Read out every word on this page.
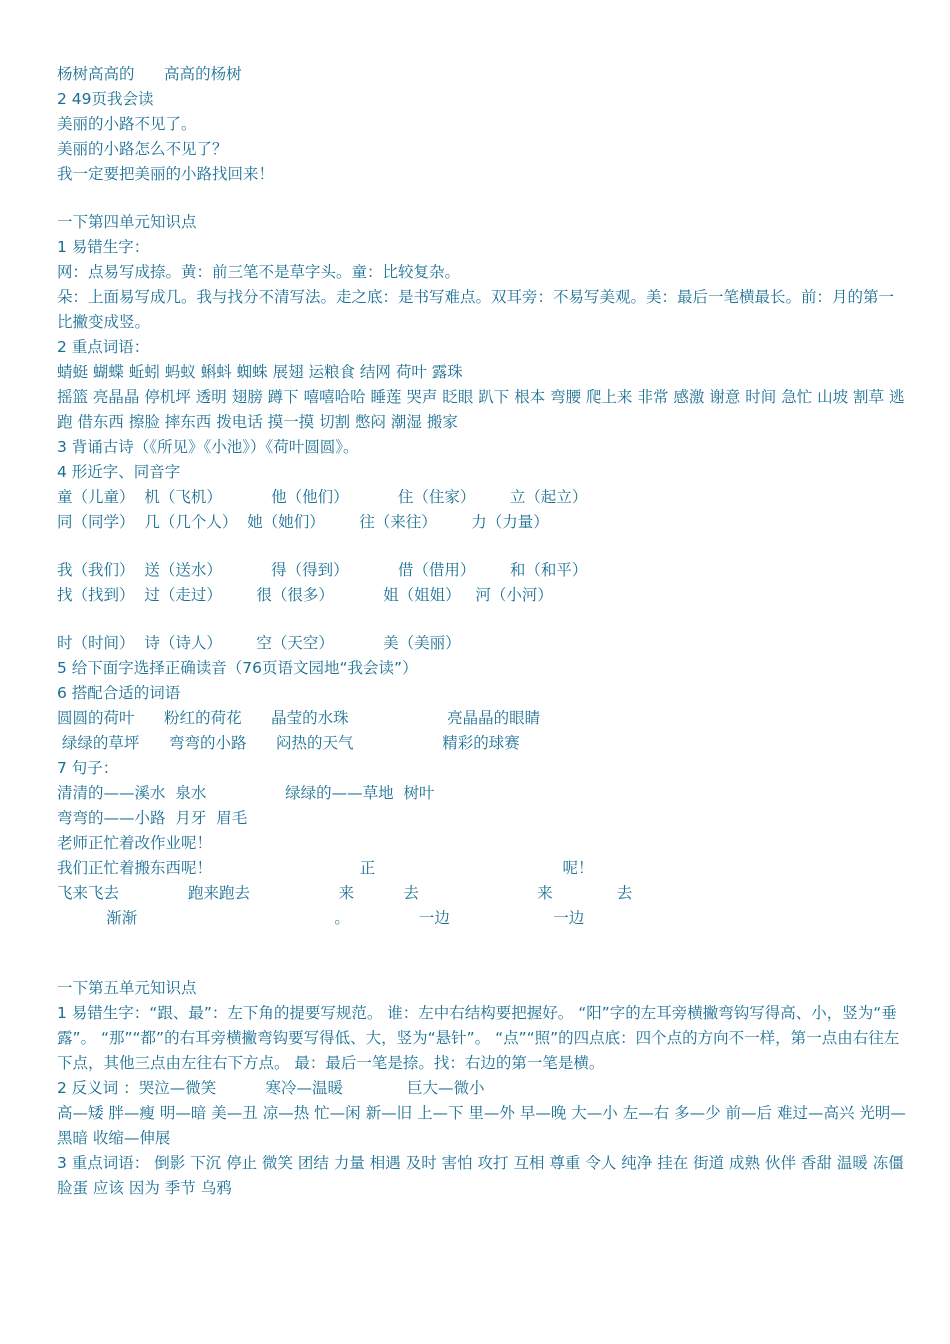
杨树高高的      高高的杨树
2 49页我会读
美丽的小路不见了。
美丽的小路怎么不见了？
我一定要把美丽的小路找回来！
一下第四单元知识点
1 易错生字：
网：点易写成捺。黄：前三笔不是草字头。童：比较复杂。
朵：上面易写成几。我与找分不清写法。走之底：是书写难点。双耳旁：不易写美观。美：最后一笔横最长。前：月的第一比撇变成竖。
2 重点词语：
蜻蜓 蝴蝶 蚯蚓 蚂蚁 蝌蚪 蜘蛛 展翅 运粮食 结网 荷叶 露珠
摇篮 亮晶晶 停机坪 透明 翅膀 蹲下 嘻嘻哈哈 睡莲 哭声 眨眼 趴下 根本 弯腰 爬上来 非常 感激 谢意 时间 急忙 山坡 割草 逃跑 借东西 擦脸 摔东西 拨电话 摸一摸 切割 憋闷 潮湿 搬家
3 背诵古诗（《所见》《小池》）《荷叶圆圆》。
4 形近字、同音字
童（儿童）  机（飞机）          他（他们）          住（住家）       立（起立）
同（同学）  几（几个人）  她（她们）       往（来往）       力（力量）
我（我们）  送（送水）          得（得到）          借（借用）       和（和平）
找（找到）  过（走过）       很（很多）          姐（姐姐）   河（小河）
时（时间）  诗（诗人）       空（天空）          美（美丽）
5 给下面字选择正确读音（76页语文园地“我会读”）
6 搭配合适的词语
圆圆的荷叶      粉红的荷花      晶莹的水珠                    亮晶晶的眼睛
绿绿的草坪      弯弯的小路      闷热的天气                  精彩的球赛
7 句子：
清清的——溪水  泉水                绿绿的——草地  树叶
弯弯的——小路  月牙  眉毛
老师正忙着改作业呢！
我们正忙着搬东西呢！                              正                                      呢！
飞来飞去              跑来跑去                  来          去                        来             去
渐渐                                        。              一边                     一边
一下第五单元知识点
1 易错生字：“跟、最”：左下角的提要写规范。 谁：左中右结构要把握好。 “阳”字的左耳旁横撇弯钩写得高、小，竖为“垂露”。 “那”“都”的右耳旁横撇弯钩要写得低、大，竖为“悬针”。 “点”“照”的四点底：四个点的方向不一样，第一点由右往左下点，其他三点由左往右下方点。 最：最后一笔是捺。找：右边的第一笔是横。
2 反义词 ：哭泣—微笑          寒冷—温暖             巨大—微小
高—矮 胖—瘦 明—暗 美—丑 凉—热 忙—闲 新—旧 上—下 里—外 早—晚 大—小 左—右 多—少 前—后 难过—高兴 光明—黑暗 收缩—伸展
3 重点词语： 倒影 下沉 停止 微笑 团结 力量 相遇 及时 害怕 攻打 互相 尊重 令人 纯净 挂在 街道 成熟 伙伴 香甜 温暖 冻僵 脸蛋 应该 因为 季节 乌鸦
